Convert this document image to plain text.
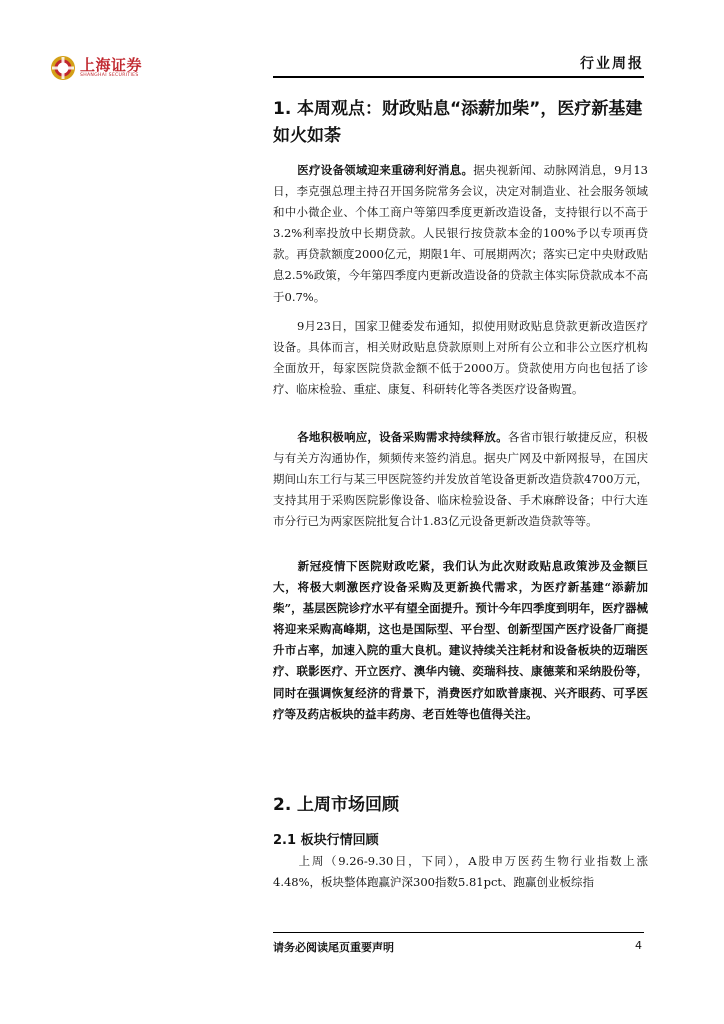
上海证券
SHANGHAI SECURITIES
行业周报
1. 本周观点：财政贴息“添薪加柴”，医疗新基建如火如荼

医疗设备领域迎来重磅利好消息。据央视新闻、动脉网消息，9月13日，李克强总理主持召开国务院常务会议，决定对制造业、社会服务领域和中小微企业、个体工商户等第四季度更新改造设备，支持银行以不高于3.2%利率投放中长期贷款。人民银行按贷款本金的100%予以专项再贷款。再贷款额度2000亿元，期限1年、可展期两次；落实已定中央财政贴息2.5%政策，今年第四季度内更新改造设备的贷款主体实际贷款成本不高于0.7%。

9月23日，国家卫健委发布通知，拟使用财政贴息贷款更新改造医疗设备。具体而言，相关财政贴息贷款原则上对所有公立和非公立医疗机构全面放开，每家医院贷款金额不低于2000万。贷款使用方向也包括了诊疗、临床检验、重症、康复、科研转化等各类医疗设备购置。

各地积极响应，设备采购需求持续释放。各省市银行敏捷反应，积极与有关方沟通协作，频频传来签约消息。据央广网及中新网报导，在国庆期间山东工行与某三甲医院签约并发放首笔设备更新改造贷款4700万元，支持其用于采购医院影像设备、临床检验设备、手术麻醉设备；中行大连市分行已为两家医院批复合计1.83亿元设备更新改造贷款等等。

新冠疫情下医院财政吃紧，我们认为此次财政贴息政策涉及金额巨大，将极大刺激医疗设备采购及更新换代需求，为医疗新基建“添薪加柴”，基层医院诊疗水平有望全面提升。预计今年四季度到明年，医疗器械将迎来采购高峰期，这也是国际型、平台型、创新型国产医疗设备厂商提升市占率，加速入院的重大良机。建议持续关注耗材和设备板块的迈瑞医疗、联影医疗、开立医疗、澳华内镜、奕瑞科技、康德莱和采纳股份等，同时在强调恢复经济的背景下，消费医疗如欧普康视、兴齐眼药、可孚医疗等及药店板块的益丰药房、老百姓等也值得关注。

2. 上周市场回顾
2.1 板块行情回顾

上周（9.26-9.30日，下同），A股申万医药生物行业指数上涨4.48%，板块整体跑赢沪深300指数5.81pct、跑赢创业板综指

请务必阅读尾页重要声明	4
